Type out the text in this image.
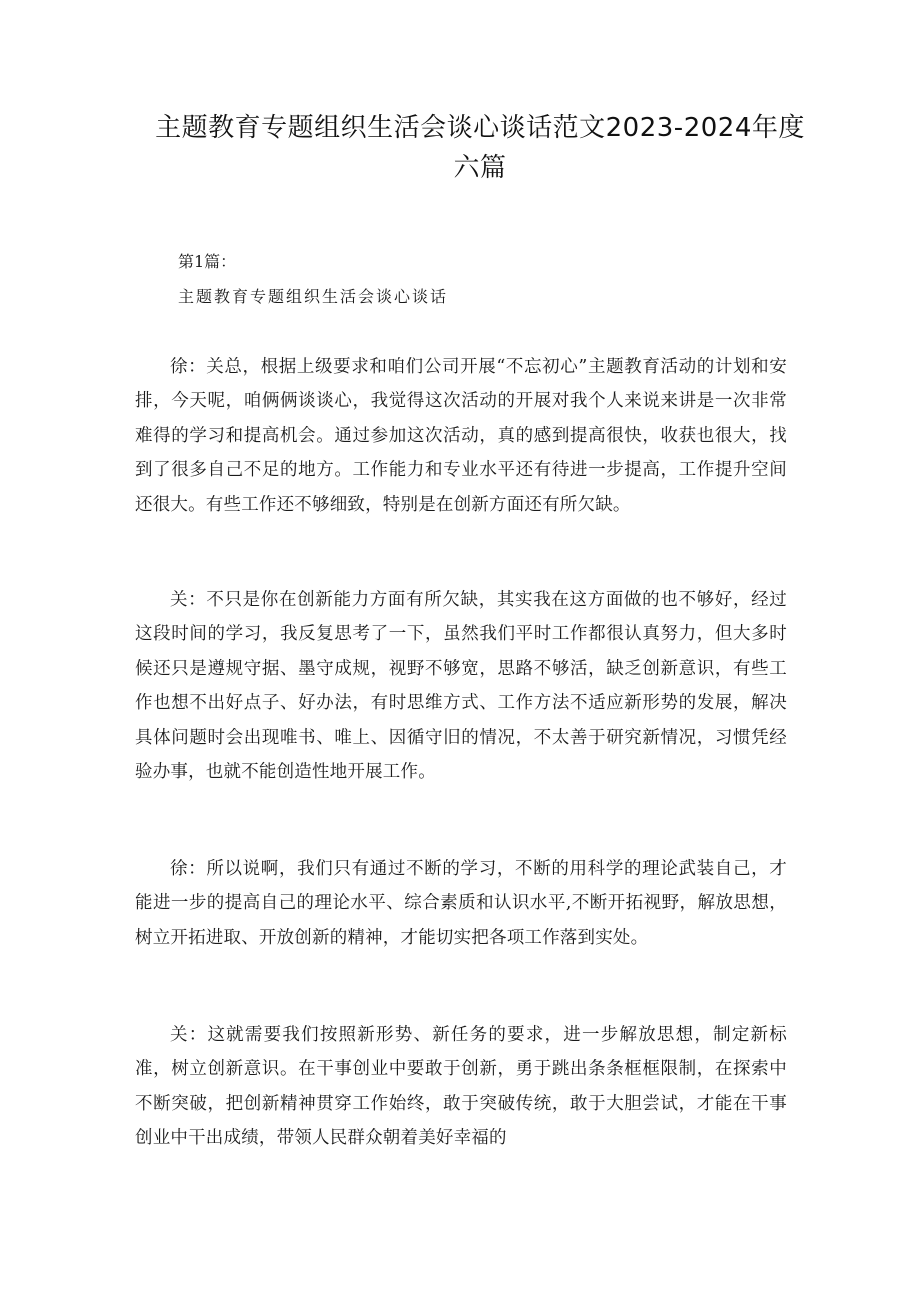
主题教育专题组织生活会谈心谈话范文2023-2024年度六篇
第1篇：
主题教育专题组织生活会谈心谈话

徐：关总，根据上级要求和咱们公司开展“不忘初心”主题教育活动的计划和安排，今天呢，咱俩俩谈谈心，我觉得这次活动的开展对我个人来说来讲是一次非常难得的学习和提高机会。通过参加这次活动，真的感到提高很快，收获也很大，找到了很多自己不足的地方。工作能力和专业水平还有待进一步提高，工作提升空间还很大。有些工作还不够细致，特别是在创新方面还有所欠缺。

关：不只是你在创新能力方面有所欠缺，其实我在这方面做的也不够好，经过这段时间的学习，我反复思考了一下，虽然我们平时工作都很认真努力，但大多时候还只是遵规守据、墨守成规，视野不够宽，思路不够活，缺乏创新意识，有些工作也想不出好点子、好办法，有时思维方式、工作方法不适应新形势的发展，解决具体问题时会出现唯书、唯上、因循守旧的情况，不太善于研究新情况，习惯凭经验办事，也就不能创造性地开展工作。

徐：所以说啊，我们只有通过不断的学习，不断的用科学的理论武装自己，才能进一步的提高自己的理论水平、综合素质和认识水平,不断开拓视野，解放思想，树立开拓进取、开放创新的精神，才能切实把各项工作落到实处。

关：这就需要我们按照新形势、新任务的要求，进一步解放思想，制定新标准，树立创新意识。在干事创业中要敢于创新，勇于跳出条条框框限制，在探索中不断突破，把创新精神贯穿工作始终，敢于突破传统，敢于大胆尝试，才能在干事创业中干出成绩，带领人民群众朝着美好幸福的
